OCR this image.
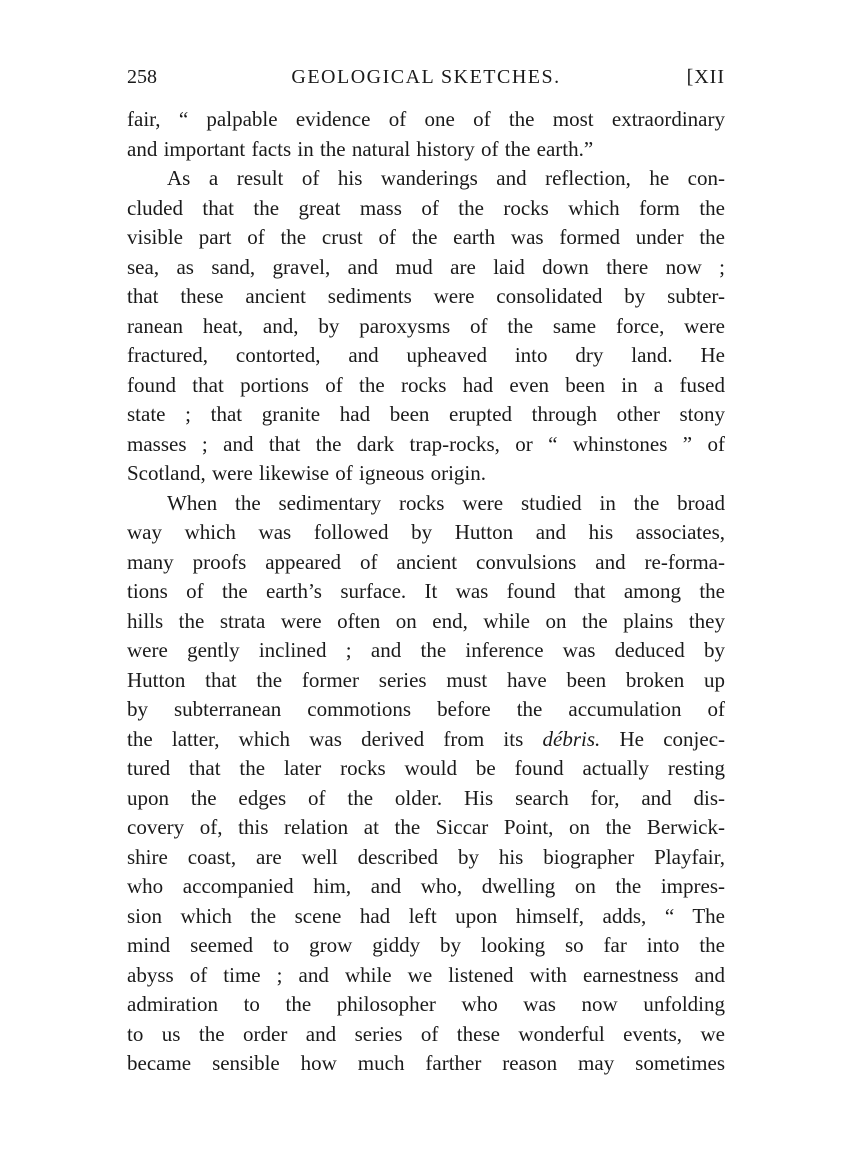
258	GEOLOGICAL SKETCHES.	[XII

fair, “ palpable evidence of one of the most extraordinary

and important facts in the natural history of the earth.”

As a result of his wanderings and reflection, he con-

cluded that the great mass of the rocks which form the

visible part of the crust of the earth was formed under the

sea, as sand, gravel, and mud are laid down there now ;

that these ancient sediments were consolidated by subter-

ranean heat, and, by paroxysms of the same force, were

fractured, contorted, and upheaved into dry land. He

found that portions of the rocks had even been in a fused

state ; that granite had been erupted through other stony

masses ; and that the dark trap-rocks, or “ whinstones ” of

Scotland, were likewise of igneous origin.

When the sedimentary rocks were studied in the broad

way which was followed by Hutton and his associates,

many proofs appeared of ancient convulsions and re-forma-

tions of the earth’s surface. It was found that among the

hills the strata were often on end, while on the plains they

were gently inclined ; and the inference was deduced by

Hutton that the former series must have been broken up

by subterranean commotions before the accumulation of

the latter, which was derived from its débris. He conjec-

tured that the later rocks would be found actually resting

upon the edges of the older. His search for, and dis-

covery of, this relation at the Siccar Point, on the Berwick-

shire coast, are well described by his biographer Playfair,

who accompanied him, and who, dwelling on the impres-

sion which the scene had left upon himself, adds, “ The

mind seemed to grow giddy by looking so far into the

abyss of time ; and while we listened with earnestness and

admiration to the philosopher who was now unfolding

to us the order and series of these wonderful events, we

became sensible how much farther reason may sometimes
